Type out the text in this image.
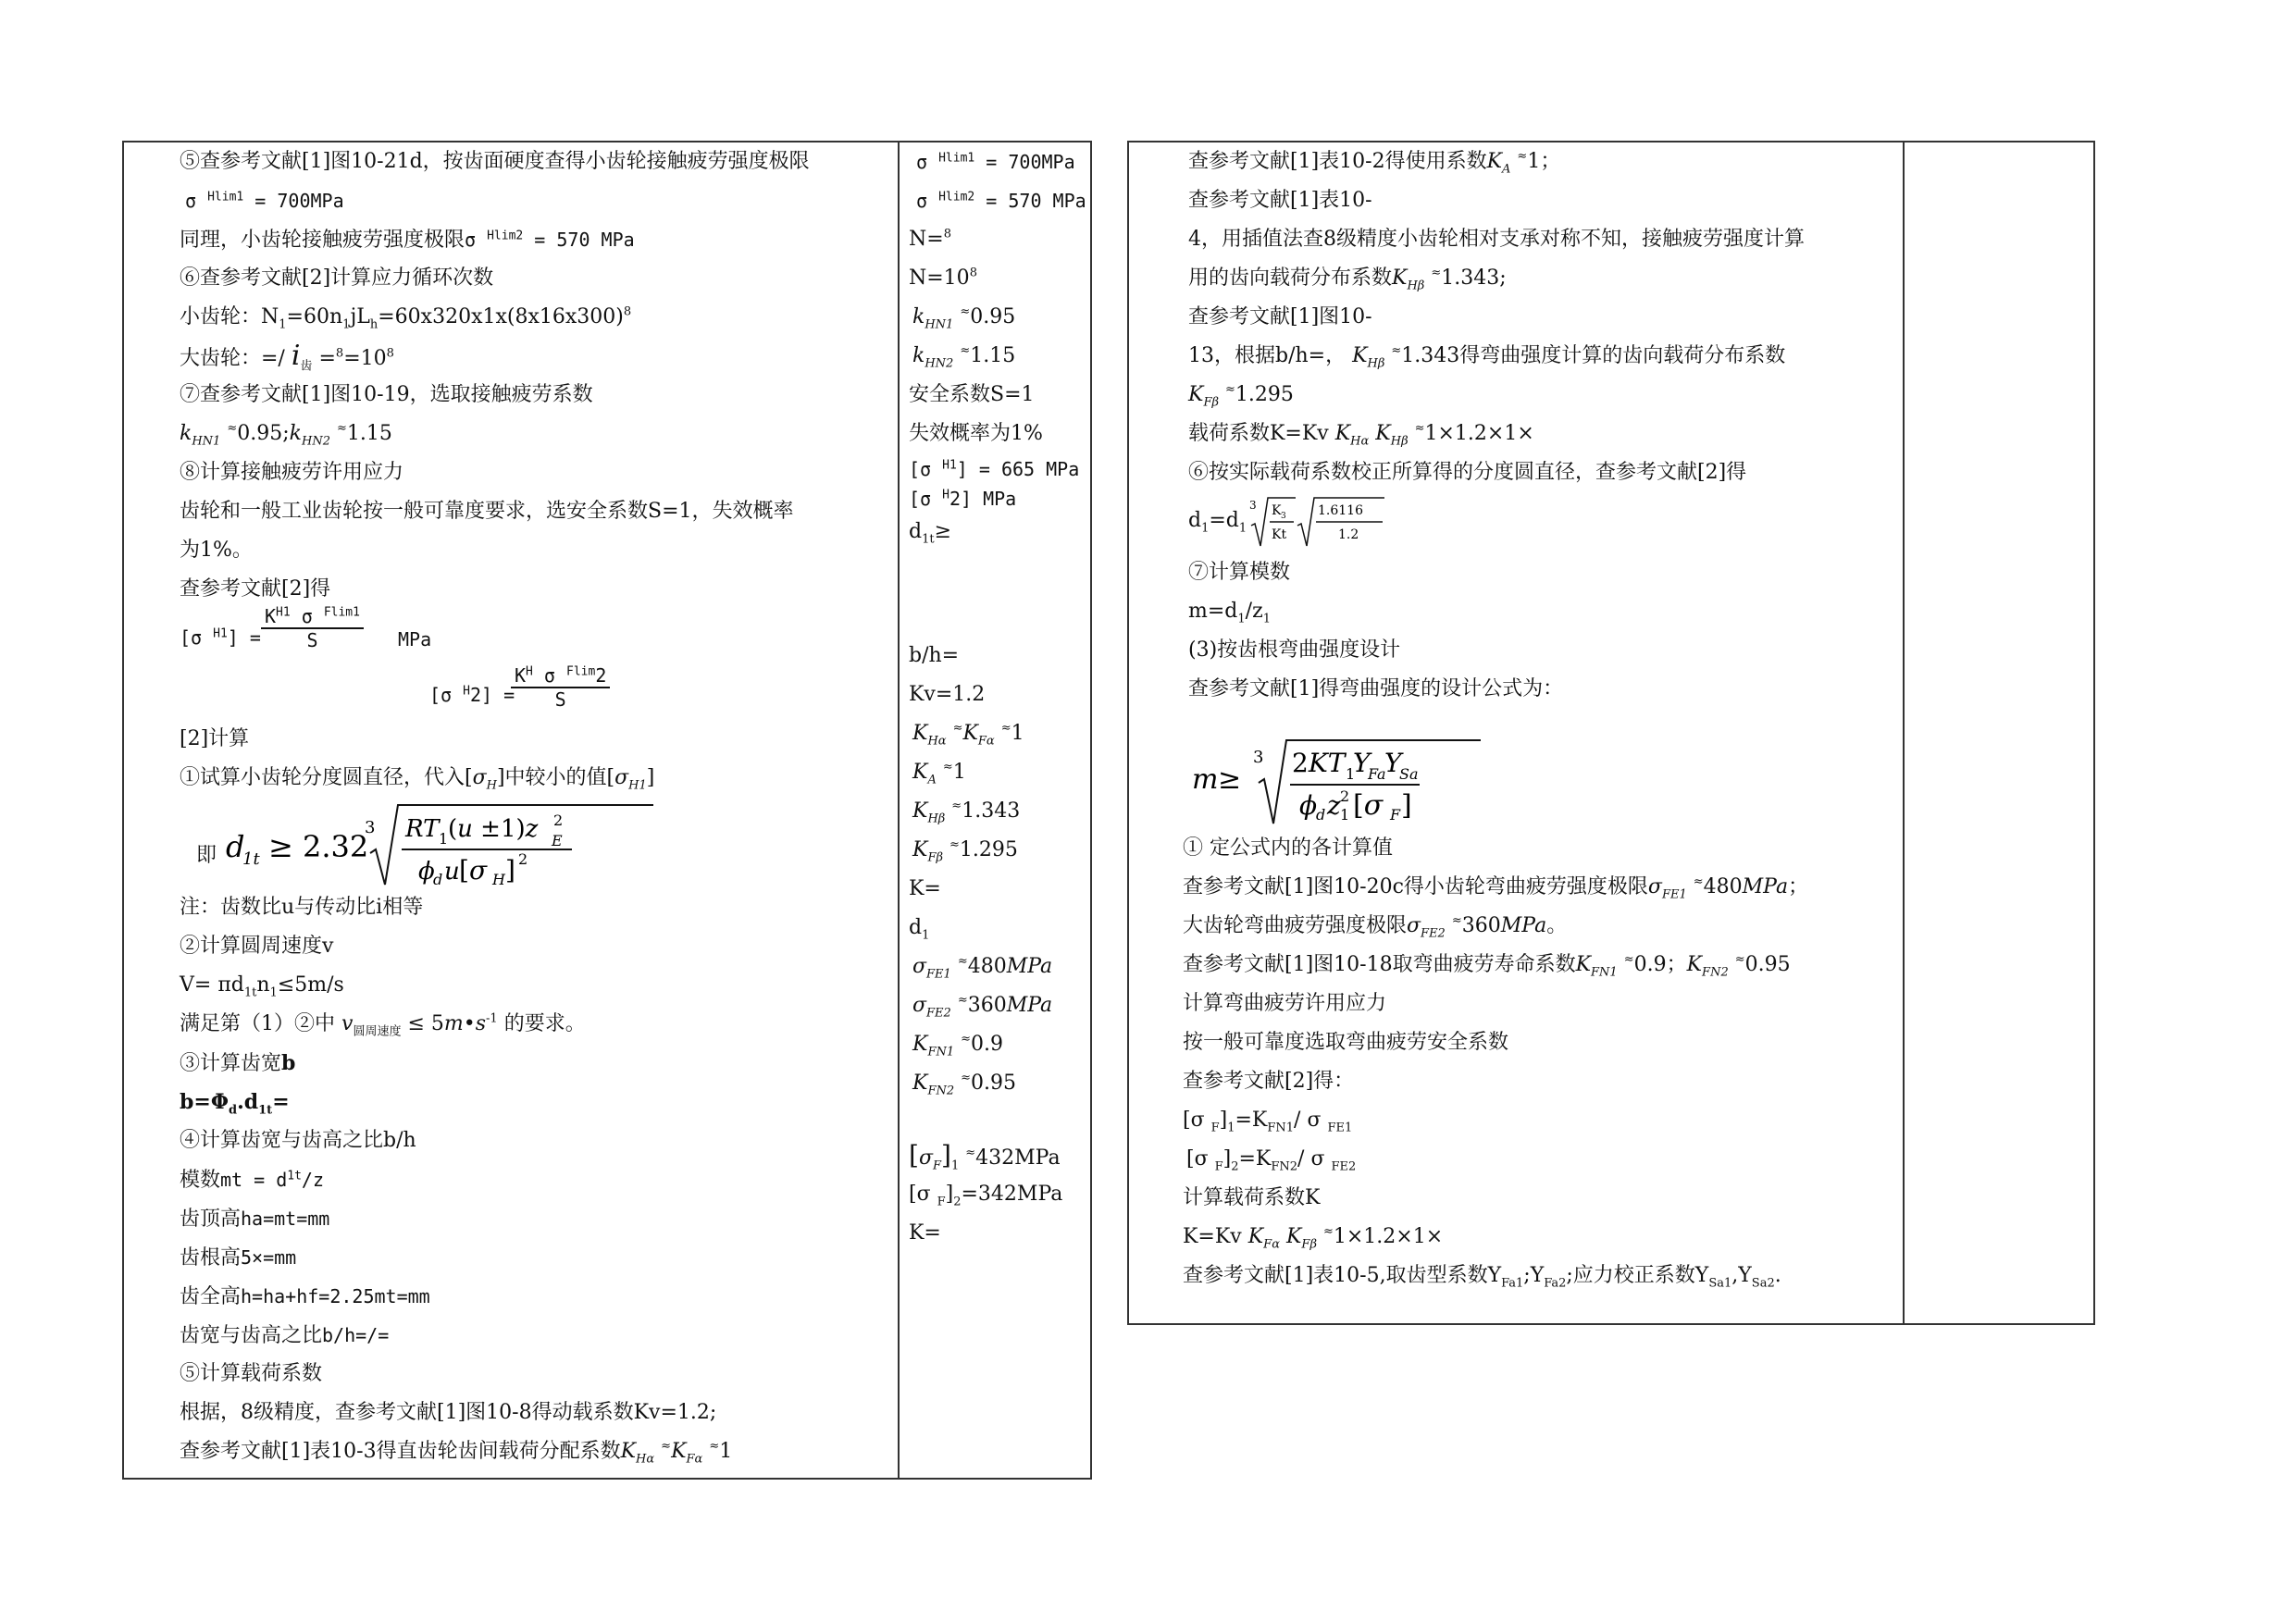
⑤查参考文献[1]图10-21d，按齿面硬度查得小齿轮接触疲劳强度极限
σ $^{Hlim1}$ = 700MPa
同理，小齿轮接触疲劳强度极限σ $^{Hlim2}$ = 570 MPa
⑥查参考文献[2]计算应力循环次数
小齿轮：$N_1=60n_1jL_h=60x320x1x(8x16x300)^8$
大齿轮：=/ $i_齿 =^8=10^8$
⑦查参考文献[1]图10-19，选取接触疲劳系数
$k_{HN1}$ $^\approx 0.95;k_{HN2}$ ≈1.15
⑧计算接触疲劳许用应力
齿轮和一般工业齿轮按一般可靠度要求，选安全系数S=1，失效概率
为1%。
查参考文献[2]得
[σ $^{H1}] = \frac{K^{H1} \sigma ^{Flim1}}{S}$ MPa
[σ $^H$2] =
$\frac{K^H \sigma ^{Flim}2}{S}$
[2]计算
①试算小齿轮分度圆直径，代入$[\sigma_H]$中较小的值$[\sigma_{H1}]$
即 d
1t ≥ 2.32
3 RT 1 (u ±1)z E
2
ϕ
d u [σ H ] 2
注：齿数比u与传动比i相等
②计算圆周速度v
$V= \pi d_{1t}n_1\le 5m/s$
满足第（1）②中 $v_{圆周速度}$ ≤ $5m•s^{-1}$ 的要求。
③计算齿宽b
$b=\Phi_d.d_{1t}=$
④计算齿宽与齿高之比b/h
模数mt = $d^{1t}/z$
齿顶高ha=mt=mm
齿根高5×=mm
齿全高h=ha+hf=2.25mt=mm
齿宽与齿高之比b/h=/=
⑤计算载荷系数
根据，8级精度，查参考文献[1]图10-8得动载系数Kv=1.2;
查参考文献[1]表10-3得直齿轮齿间载荷分配系数$K_{H\alpha}$ $^\approx K_{F\alpha}$ ≈1
σ $^{Hlim1}$ = 700MPa
σ $^{Hlim2}$ = 570 MPa
N=$^8$
$N=10^8$
$k_{HN1}$ ≈0.95
$k_{HN2}$ ≈1.15
安全系数S=1
失效概率为1%
[σ $^{H1}$] = 665 MPa
[σ $^H$2] MPa
$d_{1t}\ge$
b/h=
Kv=1.2
$K_{H\alpha}$ $^\approx K_{F\alpha}$ ≈1
$K_A$ ≈1
$K_{H\beta}$ ≈1.343
$K_{F\beta}$ ≈1.295
K=
$d_1$
$\sigma_{FE1}$ ≈480MPa
$\sigma_{FE2}$ ≈360MPa
$K_{FN1}$ ≈0.9
$K_{FN2}$ ≈0.95
$[\sigma_F]_1$ ≈432MPa
[σ $_F]_2=342MPa$
K=
查参考文献[1]表10-2得使用系数$K_A$ ≈1；
查参考文献[1]表10-
4，用插值法查8级精度小齿轮相对支承对称不知，接触疲劳强度计算
用的齿向载荷分布系数$K_{H\beta}$ ≈1.343;
查参考文献[1]图10-
13，根据b/h=， $K_{H\beta}$ ≈1.343得弯曲强度计算的齿向载荷分布系数
$K_{F\beta}$ ≈1.295
载荷系数K=Kv $K_{H\alpha}$ $K_{H\beta}$ ≈1×1.2×1×
⑥按实际载荷系数校正所算得的分度圆直径，查参考文献[2]得
$d_1=d_1$
3 K 3
Kt
1.6116
1.2
⑦计算模数
$m=d_1/z_1$
(3)按齿根弯曲强度设计
查参考文献[1]得弯曲强度的设计公式为：
m ≥
3 2KT 1
Y
Fa
Y
Sa
ϕ
d z 1
2 [σ F ]
① 定公式内的各计算值
查参考文献[1]图10-20c得小齿轮弯曲疲劳强度极限$\sigma_{FE1}$ ≈480MPa；
大齿轮弯曲疲劳强度极限$\sigma_{FE2}$ ≈360MPa。
查参考文献[1]图10-18取弯曲疲劳寿命系数$K_{FN1}$ ≈0.9；$K_{FN2}$ ≈0.95
计算弯曲疲劳许用应力
按一般可靠度选取弯曲疲劳安全系数
查参考文献[2]得：
[σ $_F]_1=K_{FN1}/$ σ $_{FE1}$
[σ $_F]_2=K_{FN2}/$ σ $_{FE2}$
计算载荷系数K
K=Kv $K_{F\alpha}$ $K_{F\beta}$ ≈1×1.2×1×
查参考文献[1]表10-5,取齿型系数$Y_{Fa1};Y_{Fa2}$;应力校正系数$Y_{Sa1},Y_{Sa2}$.
